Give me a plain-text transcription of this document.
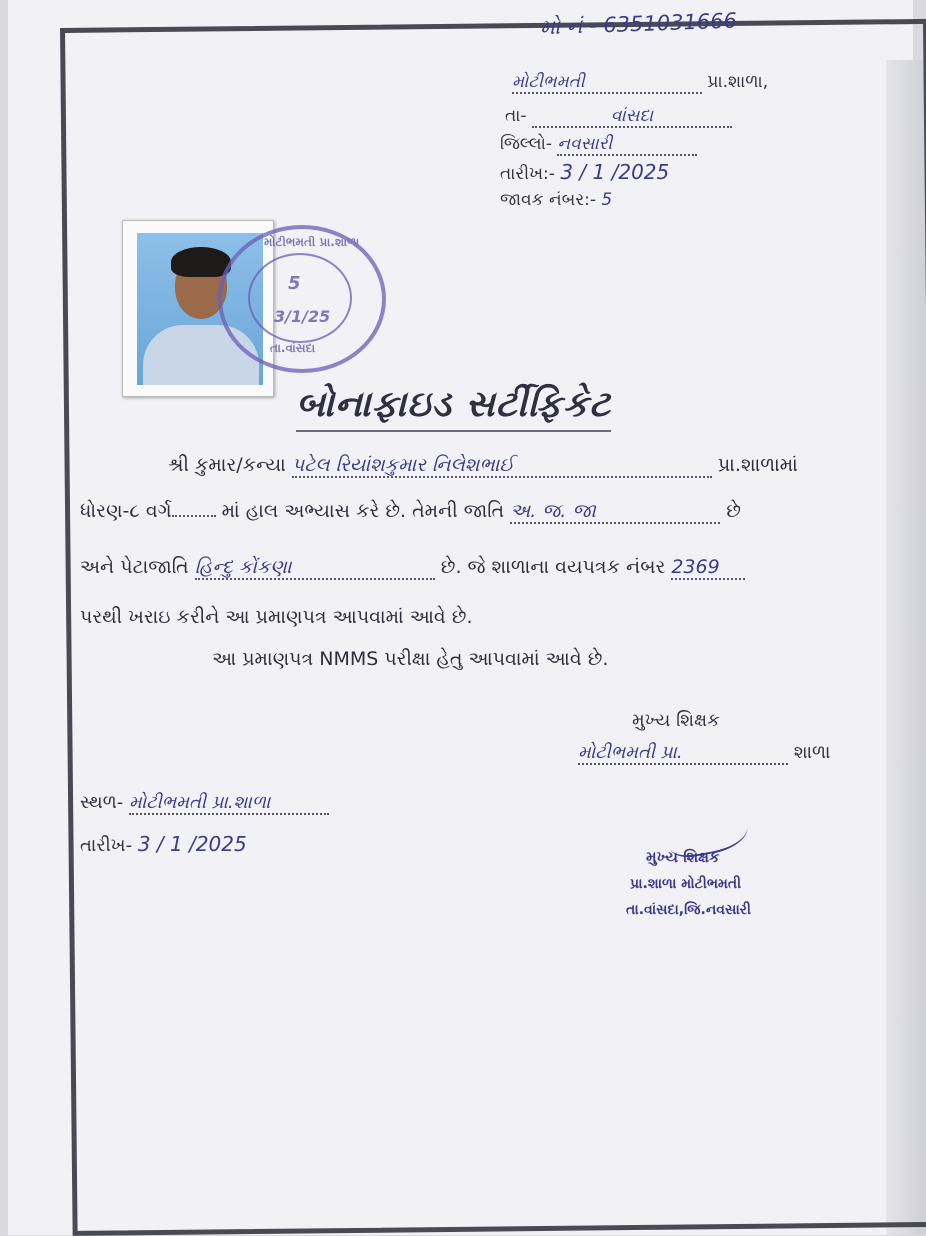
મો નં - 6351031666
મોટીભમતી	પ્રા.શાળા,
તા-	વાંસદા
જિલ્લો- નવસારી
તારીખ:- 3 / 1 /2025
જાવક નંબર:- 5
મોટીભમતી પ્રા.શાળા
5
3/1/25
તા.વાંસદા
બોનાફાઇડ સર્ટીફિકેટ
શ્રી કુમાર/કન્યા પટેલ રિયાંશકુમાર નિલેશભાઈ	પ્રા.શાળામાં
ધોરણ-૮ વર્ગ	માં હાલ અભ્યાસ કરે છે. તેમની જાતિ અ. જ. જા	છે
અને પેટાજાતિ હિન્દુ કોંકણા	છે. જે શાળાના વયપત્રક નંબર 2369
પરથી ખરાઇ કરીને આ પ્રમાણપત્ર આપવામાં આવે છે.
આ પ્રમાણપત્ર NMMS પરીક્ષા હેતુ આપવામાં આવે છે.
મુખ્ય શિક્ષક
મોટીભમતી પ્રા.	શાળા
સ્થળ- મોટીભમતી પ્રા.શાળા
તારીખ- 3 / 1 /2025
મુખ્ય શિક્ષક
પ્રા.શાળા મોટીભમતી
તા.વાંસદા,જિ.નવસારી
